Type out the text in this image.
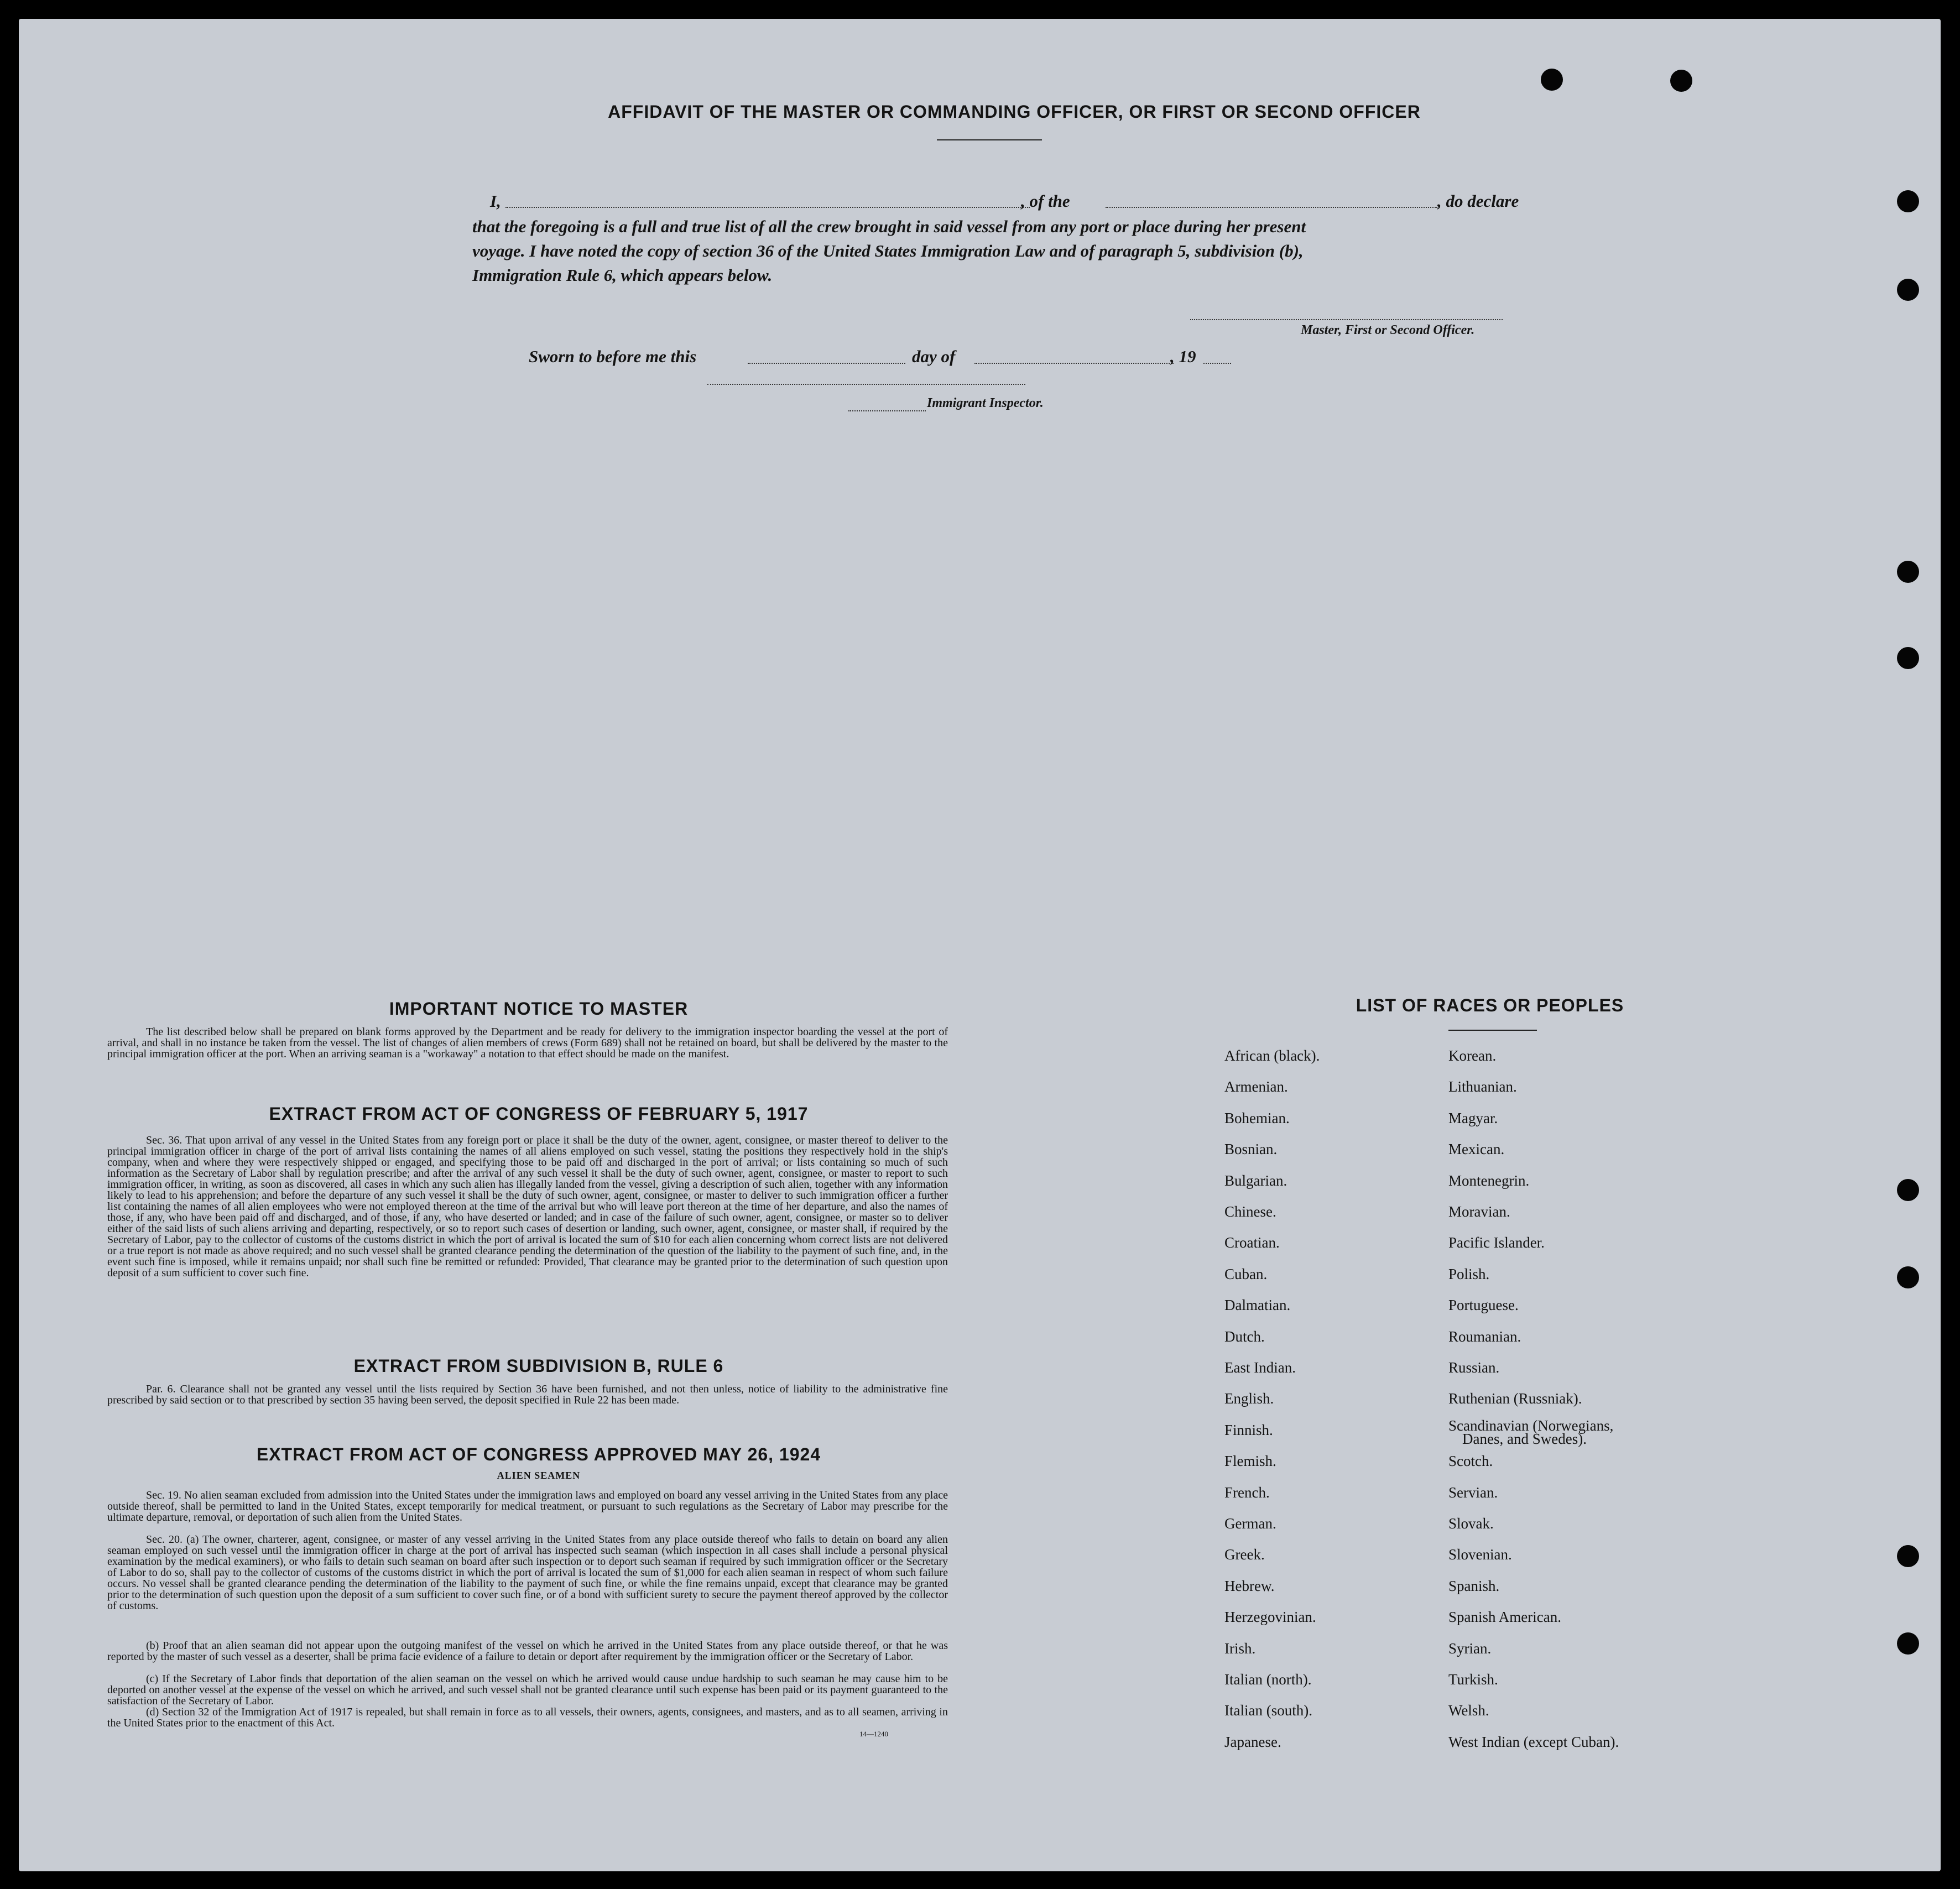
AFFIDAVIT OF THE MASTER OR COMMANDING OFFICER, OR FIRST OR SECOND OFFICER
I,	, of the	, do declare
that the foregoing is a full and true list of all the crew brought in said vessel from any port or place during her present
voyage. I have noted the copy of section 36 of the United States Immigration Law and of paragraph 5, subdivision (b),
Immigration Rule 6, which appears below.
Master, First or Second Officer.
Sworn to before me this	day of	, 19
Immigrant Inspector.
IMPORTANT NOTICE TO MASTER
The list described below shall be prepared on blank forms approved by the Department and be ready for delivery to the immigration inspector boarding the vessel at the port of arrival, and shall in no instance be taken from the vessel. The list of changes of alien members of crews (Form 689) shall not be retained on board, but shall be delivered by the master to the principal immigration officer at the port. When an arriving seaman is a "workaway" a notation to that effect should be made on the manifest.
EXTRACT FROM ACT OF CONGRESS OF FEBRUARY 5, 1917
Sec. 36. That upon arrival of any vessel in the United States from any foreign port or place it shall be the duty of the owner, agent, consignee, or master thereof to deliver to the principal immigration officer in charge of the port of arrival lists containing the names of all aliens employed on such vessel, stating the positions they respectively hold in the ship's company, when and where they were respectively shipped or engaged, and specifying those to be paid off and discharged in the port of arrival; or lists containing so much of such information as the Secretary of Labor shall by regulation prescribe; and after the arrival of any such vessel it shall be the duty of such owner, agent, consignee, or master to report to such immigration officer, in writing, as soon as discovered, all cases in which any such alien has illegally landed from the vessel, giving a description of such alien, together with any information likely to lead to his apprehension; and before the departure of any such vessel it shall be the duty of such owner, agent, consignee, or master to deliver to such immigration officer a further list containing the names of all alien employees who were not employed thereon at the time of the arrival but who will leave port thereon at the time of her departure, and also the names of those, if any, who have been paid off and discharged, and of those, if any, who have deserted or landed; and in case of the failure of such owner, agent, consignee, or master so to deliver either of the said lists of such aliens arriving and departing, respectively, or so to report such cases of desertion or landing, such owner, agent, consignee, or master shall, if required by the Secretary of Labor, pay to the collector of customs of the customs district in which the port of arrival is located the sum of $10 for each alien concerning whom correct lists are not delivered or a true report is not made as above required; and no such vessel shall be granted clearance pending the determination of the question of the liability to the payment of such fine, and, in the event such fine is imposed, while it remains unpaid; nor shall such fine be remitted or refunded: Provided, That clearance may be granted prior to the determination of such question upon deposit of a sum sufficient to cover such fine.
EXTRACT FROM SUBDIVISION B, RULE 6
Par. 6. Clearance shall not be granted any vessel until the lists required by Section 36 have been furnished, and not then unless, notice of liability to the administrative fine prescribed by said section or to that prescribed by section 35 having been served, the deposit specified in Rule 22 has been made.
EXTRACT FROM ACT OF CONGRESS APPROVED MAY 26, 1924
ALIEN SEAMEN
Sec. 19. No alien seaman excluded from admission into the United States under the immigration laws and employed on board any vessel arriving in the United States from any place outside thereof, shall be permitted to land in the United States, except temporarily for medical treatment, or pursuant to such regulations as the Secretary of Labor may prescribe for the ultimate departure, removal, or deportation of such alien from the United States.
Sec. 20. (a) The owner, charterer, agent, consignee, or master of any vessel arriving in the United States from any place outside thereof who fails to detain on board any alien seaman employed on such vessel until the immigration officer in charge at the port of arrival has inspected such seaman (which inspection in all cases shall include a personal physical examination by the medical examiners), or who fails to detain such seaman on board after such inspection or to deport such seaman if required by such immigration officer or the Secretary of Labor to do so, shall pay to the collector of customs of the customs district in which the port of arrival is located the sum of $1,000 for each alien seaman in respect of whom such failure occurs. No vessel shall be granted clearance pending the determination of the liability to the payment of such fine, or while the fine remains unpaid, except that clearance may be granted prior to the determination of such question upon the deposit of a sum sufficient to cover such fine, or of a bond with sufficient surety to secure the payment thereof approved by the collector of customs.
(b) Proof that an alien seaman did not appear upon the outgoing manifest of the vessel on which he arrived in the United States from any place outside thereof, or that he was reported by the master of such vessel as a deserter, shall be prima facie evidence of a failure to detain or deport after requirement by the immigration officer or the Secretary of Labor.
(c) If the Secretary of Labor finds that deportation of the alien seaman on the vessel on which he arrived would cause undue hardship to such seaman he may cause him to be deported on another vessel at the expense of the vessel on which he arrived, and such vessel shall not be granted clearance until such expense has been paid or its payment guaranteed to the satisfaction of the Secretary of Labor.
(d) Section 32 of the Immigration Act of 1917 is repealed, but shall remain in force as to all vessels, their owners, agents, consignees, and masters, and as to all seamen, arriving in the United States prior to the enactment of this Act.
14—1240
LIST OF RACES OR PEOPLES
African (black).
Armenian.
Bohemian.
Bosnian.
Bulgarian.
Chinese.
Croatian.
Cuban.
Dalmatian.
Dutch.
East Indian.
English.
Finnish.
Flemish.
French.
German.
Greek.
Hebrew.
Herzegovinian.
Irish.
Italian (north).
Italian (south).
Japanese.
Korean.
Lithuanian.
Magyar.
Mexican.
Montenegrin.
Moravian.
Pacific Islander.
Polish.
Portuguese.
Roumanian.
Russian.
Ruthenian (Russniak).
Scandinavian (Norwegians,
Danes, and Swedes).
Scotch.
Servian.
Slovak.
Slovenian.
Spanish.
Spanish American.
Syrian.
Turkish.
Welsh.
West Indian (except Cuban).
